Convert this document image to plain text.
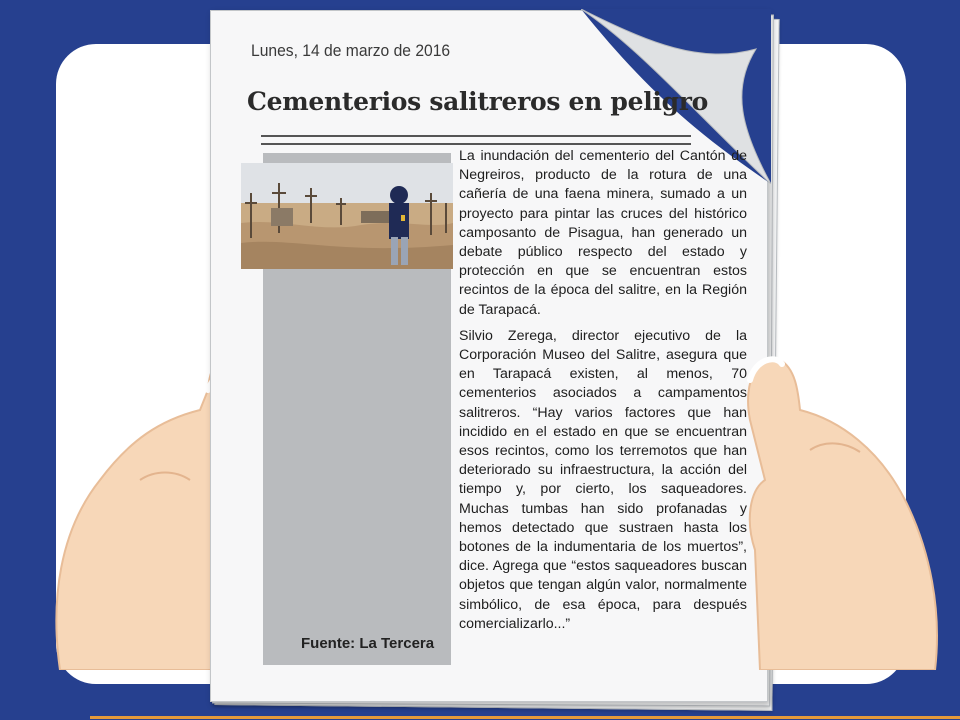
Lunes, 14 de marzo de 2016
Cementerios salitreros en peligro
Fuente: La Tercera

La inundación del cementerio del Cantón de Negreiros, producto de la rotura de una cañería de una faena minera, sumado a un proyecto para pintar las cruces del histórico camposanto de Pisagua, han generado un debate público respecto del estado y protección en que se encuentran estos recintos de la época del salitre, en la Región de Tarapacá.

Silvio Zerega, director ejecutivo de la Corporación Museo del Salitre, asegura que en Tarapacá existen, al menos, 70 cementerios asociados a campamentos salitreros. “Hay varios factores que han incidido en el estado en que se encuentran esos recintos, como los terremotos que han deteriorado su infraestructura, la acción del tiempo y, por cierto, los saqueadores. Muchas tumbas han sido profanadas y hemos detectado que sustraen hasta los botones de la indumentaria de los muertos”, dice. Agrega que “estos saqueadores buscan objetos que tengan algún valor, normalmente simbólico, de esa época, para después comercializarlo...”
